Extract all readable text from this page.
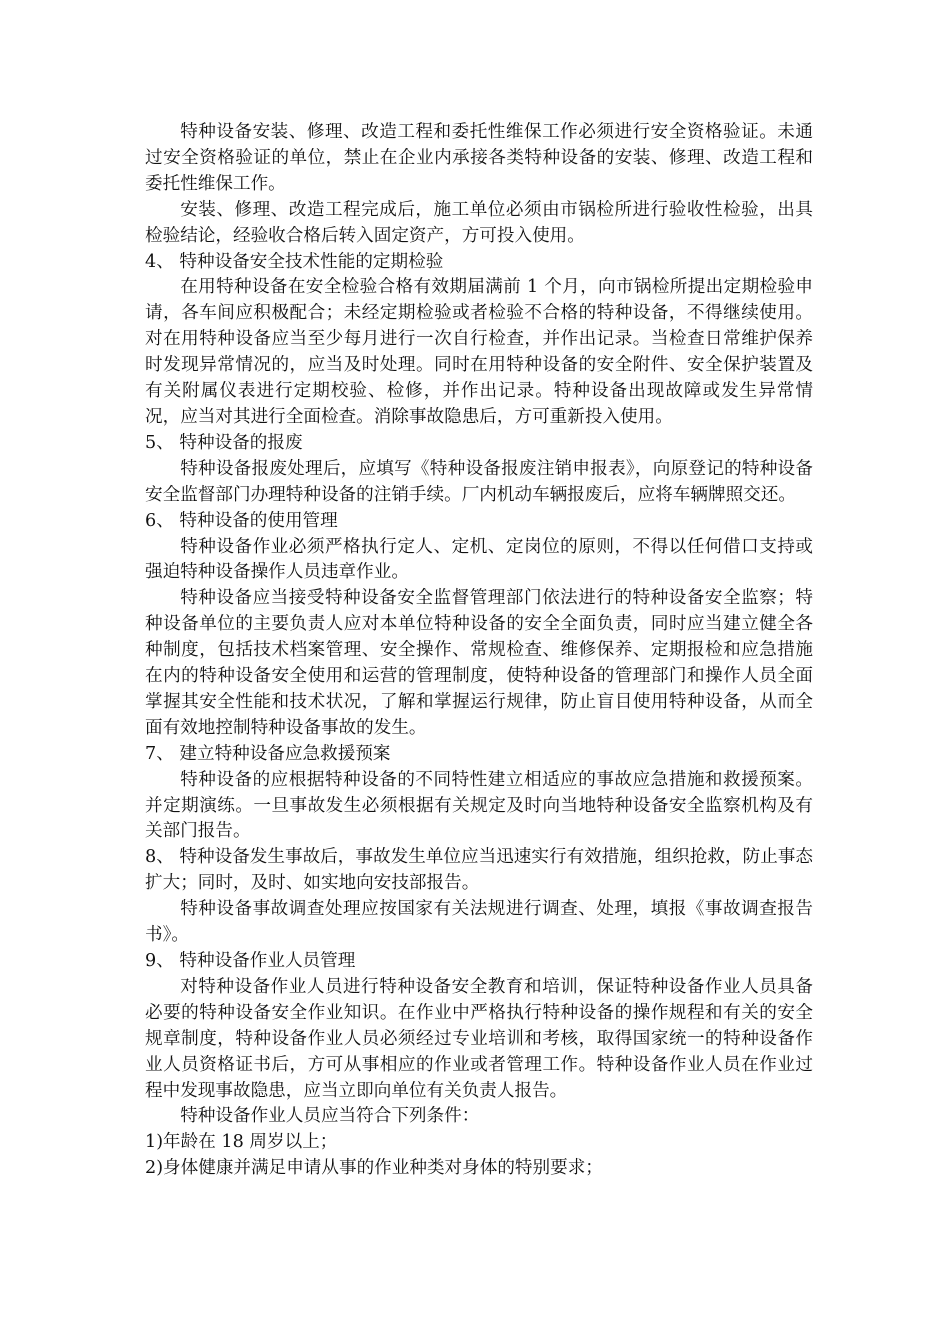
特种设备安装、修理、改造工程和委托性维保工作必须进行安全资格验证。未通过安全资格验证的单位，禁止在企业内承接各类特种设备的安装、修理、改造工程和委托性维保工作。

安装、修理、改造工程完成后，施工单位必须由市锅检所进行验收性检验，出具检验结论，经验收合格后转入固定资产，方可投入使用。

4、 特种设备安全技术性能的定期检验

在用特种设备在安全检验合格有效期届满前 1 个月，向市锅检所提出定期检验申请，各车间应积极配合；未经定期检验或者检验不合格的特种设备，不得继续使用。对在用特种设备应当至少每月进行一次自行检查，并作出记录。当检查日常维护保养时发现异常情况的，应当及时处理。同时在用特种设备的安全附件、安全保护装置及有关附属仪表进行定期校验、检修，并作出记录。特种设备出现故障或发生异常情况，应当对其进行全面检查。消除事故隐患后，方可重新投入使用。

5、 特种设备的报废

特种设备报废处理后，应填写《特种设备报废注销申报表》，向原登记的特种设备安全监督部门办理特种设备的注销手续。厂内机动车辆报废后，应将车辆牌照交还。

6、 特种设备的使用管理

特种设备作业必须严格执行定人、定机、定岗位的原则，不得以任何借口支持或强迫特种设备操作人员违章作业。

特种设备应当接受特种设备安全监督管理部门依法进行的特种设备安全监察；特种设备单位的主要负责人应对本单位特种设备的安全全面负责，同时应当建立健全各种制度，包括技术档案管理、安全操作、常规检查、维修保养、定期报检和应急措施在内的特种设备安全使用和运营的管理制度，使特种设备的管理部门和操作人员全面掌握其安全性能和技术状况，了解和掌握运行规律，防止盲目使用特种设备，从而全面有效地控制特种设备事故的发生。

7、 建立特种设备应急救援预案

特种设备的应根据特种设备的不同特性建立相适应的事故应急措施和救援预案。并定期演练。一旦事故发生必须根据有关规定及时向当地特种设备安全监察机构及有关部门报告。

8、 特种设备发生事故后，事故发生单位应当迅速实行有效措施，组织抢救，防止事态扩大；同时，及时、如实地向安技部报告。

特种设备事故调查处理应按国家有关法规进行调查、处理，填报《事故调查报告书》。

9、 特种设备作业人员管理

对特种设备作业人员进行特种设备安全教育和培训，保证特种设备作业人员具备必要的特种设备安全作业知识。在作业中严格执行特种设备的操作规程和有关的安全规章制度，特种设备作业人员必须经过专业培训和考核，取得国家统一的特种设备作业人员资格证书后，方可从事相应的作业或者管理工作。特种设备作业人员在作业过程中发现事故隐患，应当立即向单位有关负责人报告。

特种设备作业人员应当符合下列条件：

1)年龄在 18 周岁以上；

2)身体健康并满足申请从事的作业种类对身体的特别要求；
